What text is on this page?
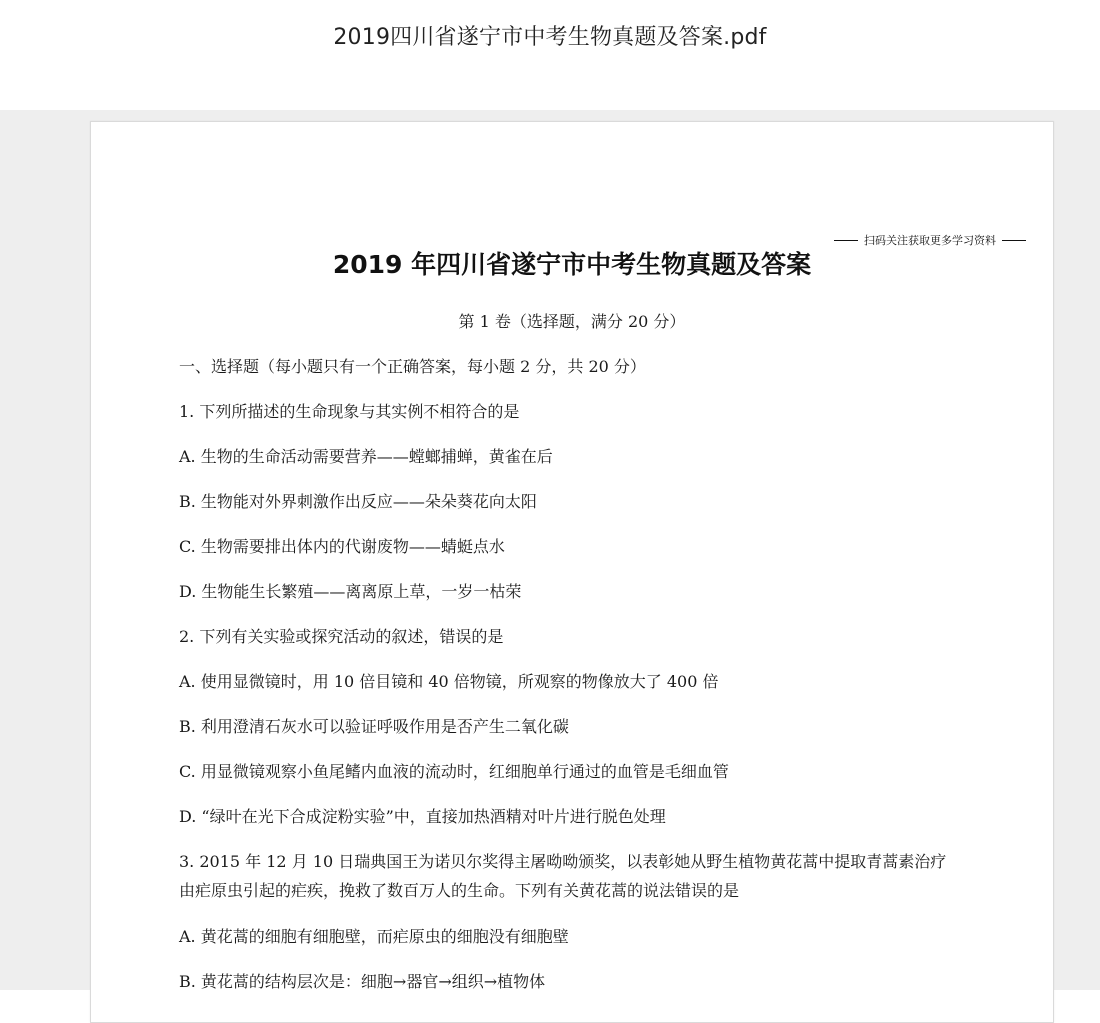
2019四川省遂宁市中考生物真题及答案.pdf
扫码关注获取更多学习资料
2019 年四川省遂宁市中考生物真题及答案
第 1 卷（选择题，满分 20 分）
一、选择题（每小题只有一个正确答案，每小题 2 分，共 20 分）
1. 下列所描述的生命现象与其实例不相符合的是
A. 生物的生命活动需要营养——螳螂捕蝉，黄雀在后
B. 生物能对外界刺激作出反应——朵朵葵花向太阳
C. 生物需要排出体内的代谢废物——蜻蜓点水
D. 生物能生长繁殖——离离原上草，一岁一枯荣
2. 下列有关实验或探究活动的叙述，错误的是
A. 使用显微镜时，用 10 倍目镜和 40 倍物镜，所观察的物像放大了 400 倍
B. 利用澄清石灰水可以验证呼吸作用是否产生二氧化碳
C. 用显微镜观察小鱼尾鳍内血液的流动时，红细胞单行通过的血管是毛细血管
D. “绿叶在光下合成淀粉实验”中，直接加热酒精对叶片进行脱色处理
3. 2015 年 12 月 10 日瑞典国王为诺贝尔奖得主屠呦呦颁奖，以表彰她从野生植物黄花蒿中提取青蒿素治疗
由疟原虫引起的疟疾，挽救了数百万人的生命。下列有关黄花蒿的说法错误的是
A. 黄花蒿的细胞有细胞壁，而疟原虫的细胞没有细胞壁
B. 黄花蒿的结构层次是：细胞→器官→组织→植物体
